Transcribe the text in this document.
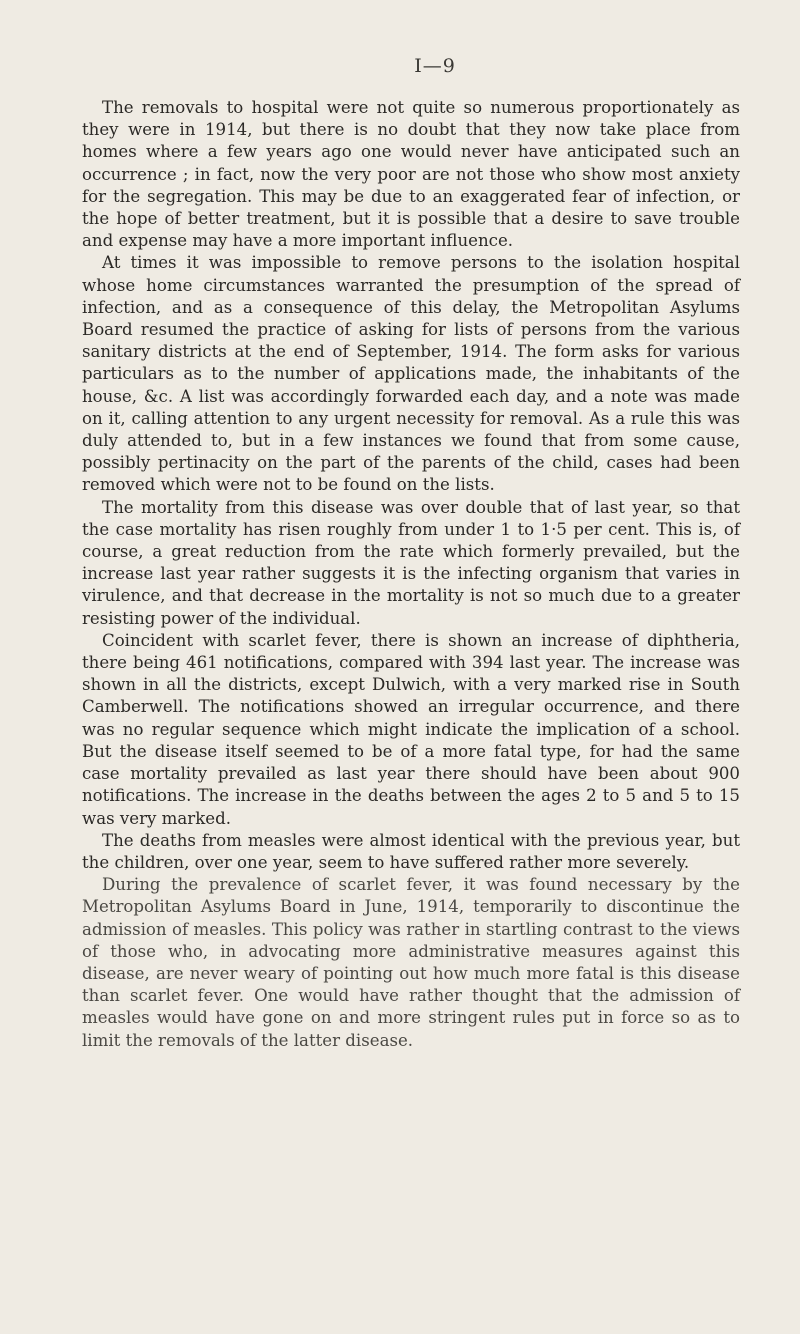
I—9

The removals to hospital were not quite so numerous proportionately as they were in 1914, but there is no doubt that they now take place from homes where a few years ago one would never have anticipated such an occurrence ; in fact, now the very poor are not those who show most anxiety for the segregation. This may be due to an exaggerated fear of infection, or the hope of better treatment, but it is possible that a desire to save trouble and expense may have a more important influence.

At times it was impossible to remove persons to the isolation hospital whose home circumstances warranted the presumption of the spread of infection, and as a consequence of this delay, the Metropolitan Asylums Board resumed the practice of asking for lists of persons from the various sanitary districts at the end of September, 1914. The form asks for various particulars as to the number of applications made, the inhabitants of the house, &c. A list was accordingly forwarded each day, and a note was made on it, calling attention to any urgent necessity for removal. As a rule this was duly attended to, but in a few instances we found that from some cause, possibly pertinacity on the part of the parents of the child, cases had been removed which were not to be found on the lists.

The mortality from this disease was over double that of last year, so that the case mortality has risen roughly from under 1 to 1·5 per cent. This is, of course, a great reduction from the rate which formerly prevailed, but the increase last year rather suggests it is the infecting organism that varies in virulence, and that decrease in the mortality is not so much due to a greater resisting power of the individual.

Coincident with scarlet fever, there is shown an increase of diphtheria, there being 461 notifications, compared with 394 last year. The increase was shown in all the districts, except Dulwich, with a very marked rise in South Camberwell. The notifications showed an irregular occurrence, and there was no regular sequence which might indicate the implication of a school. But the disease itself seemed to be of a more fatal type, for had the same case mortality prevailed as last year there should have been about 900 notifications. The increase in the deaths between the ages 2 to 5 and 5 to 15 was very marked.

The deaths from measles were almost identical with the previous year, but the children, over one year, seem to have suffered rather more severely.

During the prevalence of scarlet fever, it was found necessary by the Metropolitan Asylums Board in June, 1914, temporarily to discontinue the admission of measles. This policy was rather in startling contrast to the views of those who, in advocating more administrative measures against this disease, are never weary of pointing out how much more fatal is this disease than scarlet fever. One would have rather thought that the admission of measles would have gone on and more stringent rules put in force so as to limit the removals of the latter disease.
